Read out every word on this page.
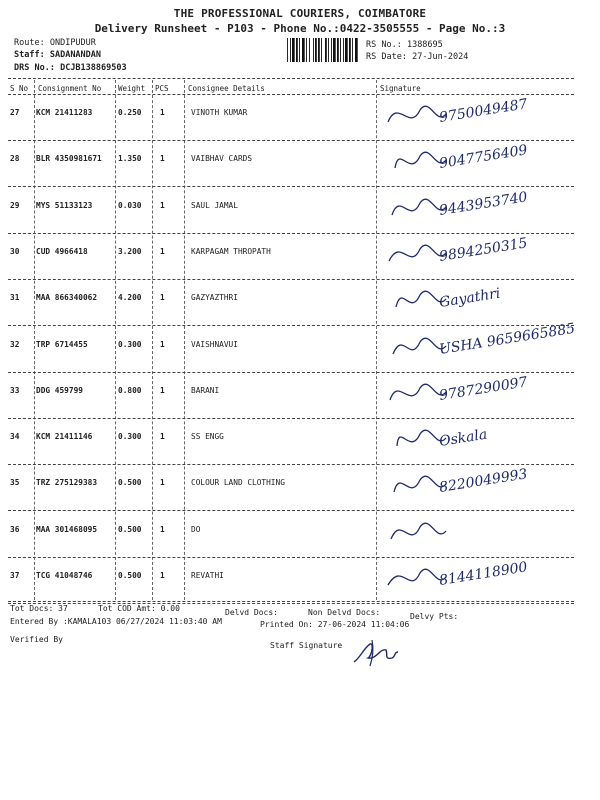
THE PROFESSIONAL COURIERS, COIMBATORE
Delivery Runsheet - P103 - Phone No.:0422-3505555 - Page No.:3
Route: ONDIPUDUR
Staff: SADANANDAN
DRS No.: DCJB138869503
RS No.: 1388695
RS Date: 27-Jun-2024
S No Consignment No Weight PCS	Consignee Details	Signature
27 KCM 21411283	0.250 1	VINOTH KUMAR	9750049487
28 BLR 4350981671 1.350 1	VAIBHAV CARDS	9047756409
29 MYS 51133123	0.030 1	SAUL JAMAL	9443953740
30 CUD 4966418	3.200 1	KARPAGAM THROPATH	9894250315
31 MAA 866340062	4.200 1	GAZYAZTHRI	Gayathri
32 TRP 6714455	0.300 1	VAISHNAVUI	USHA 9659665885
33 DDG 459799	0.800 1	BARANI	9787290097
34 KCM 21411146	0.300 1	SS ENGG	Oskala
35 TRZ 275129383	0.500 1	COLOUR LAND CLOTHING	8220049993
36 MAA 301468095	0.500 1	DO
37 TCG 41048746	0.500 1	REVATHI	8144118900
Tot Docs: 37	Tot COD Amt: 0.00	Delvd Docs:	Non Delvd Docs:	Delvy Pts:
Entered By :KAMALA103 06/27/2024 11:03:40 AM	Printed On: 27-06-2024 11:04:06
Verified By
Staff Signature
